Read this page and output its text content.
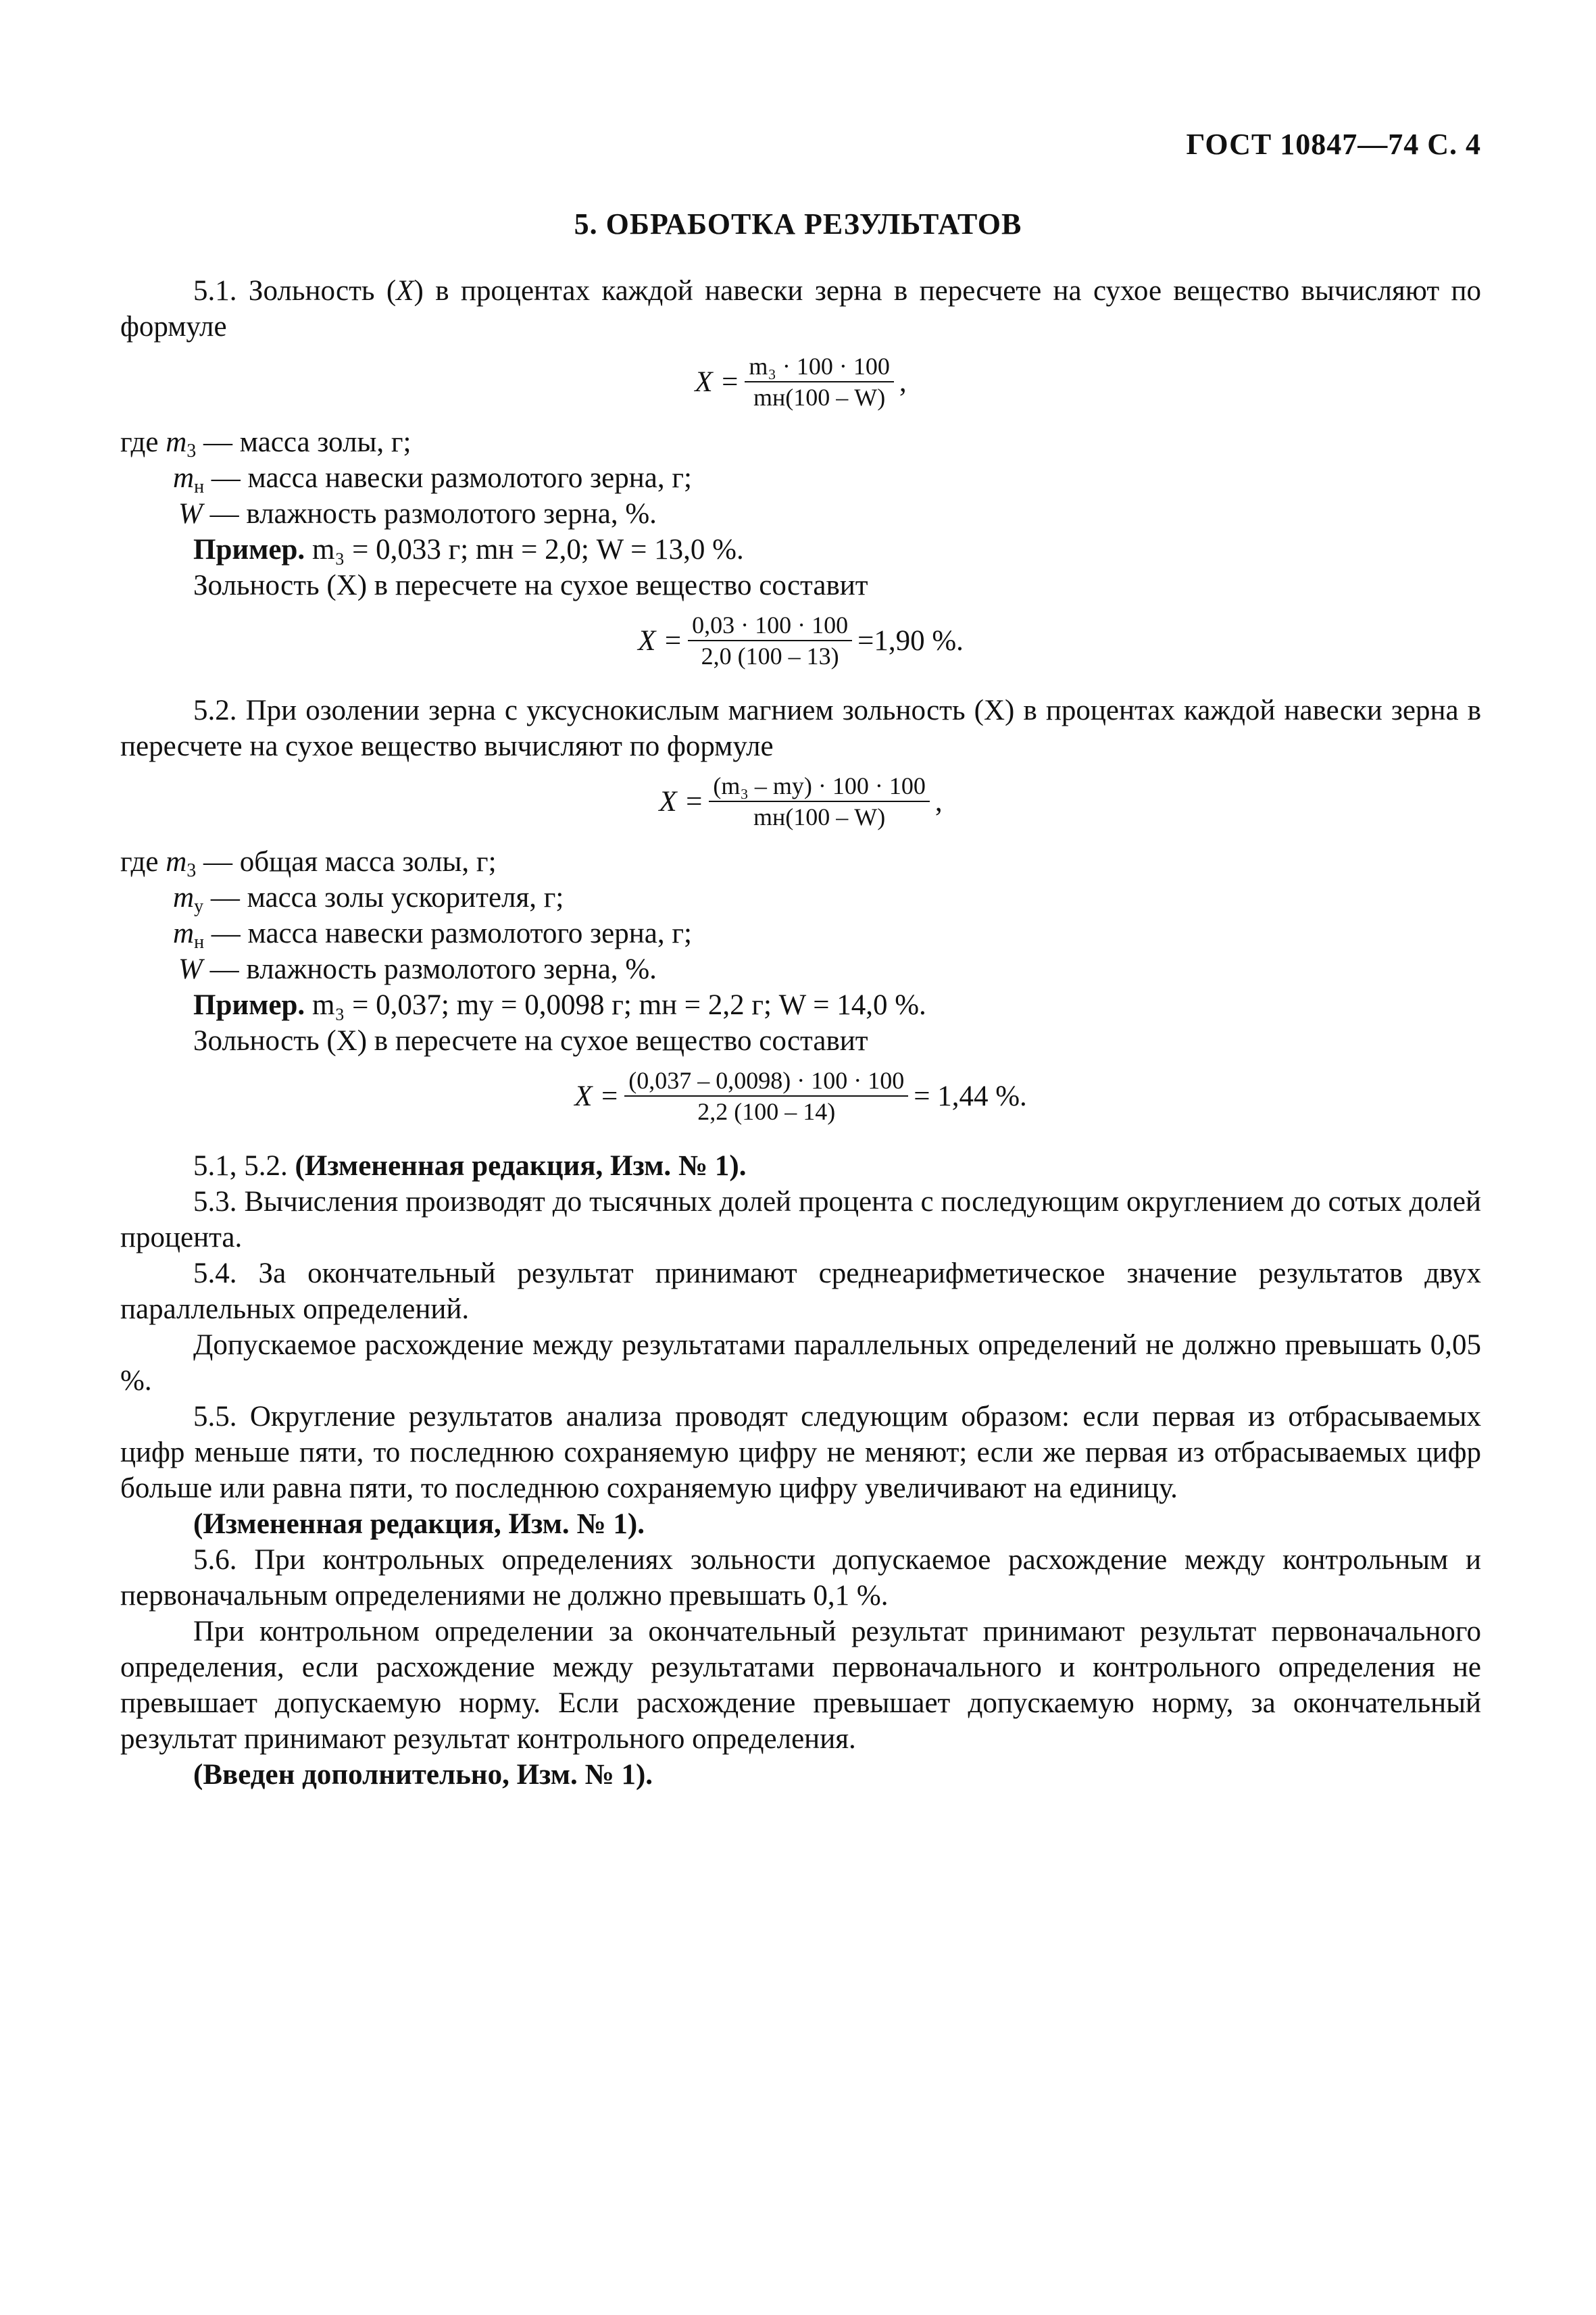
ГОСТ 10847—74 С. 4
5. ОБРАБОТКА РЕЗУЛЬТАТОВ

5.1. Зольность (X) в процентах каждой навески зерна в пересчете на сухое вещество вычисляют по формуле

$X = \frac{\text{m₃ · 100 · 100}}{mн(100 - W)}$ ,

где $m_3$ — масса золы, г;

$m_н$ — масса навески размолотого зерна, г;

W — влажность размолотого зерна, %.

Пример. m₃ = 0,033 г; mн = 2,0; W = 13,0 %.

Зольность (X) в пересчете на сухое вещество составит

$X = \frac{0,03 \cdot 100 \cdot 100}{2,0 (100 - 13)} =1,90$ %.

5.2. При озолении зерна с уксуснокислым магнием зольность (X) в процентах каждой навески зерна в пересчете на сухое вещество вычисляют по формуле

$X = \frac{\text{(m₃ – mу) · 100 · 100}}{mн(100 - W)}$ ,

где $m_3$ — общая масса золы, г;

$m_у$ — масса золы ускорителя, г;

$m_н$ — масса навески размолотого зерна, г;

W — влажность размолотого зерна, %.

Пример. m₃ = 0,037; mу = 0,0098 г; mн = 2,2 г; W = 14,0 %.

Зольность (X) в пересчете на сухое вещество составит

$X = \frac{(0,037 - 0,0098) \cdot 100 \cdot 100}{2,2 (100 - 14)} = 1,44$ %.

5.1, 5.2. (Измененная редакция, Изм. № 1).

5.3. Вычисления производят до тысячных долей процента с последующим округлением до сотых долей процента.

5.4. За окончательный результат принимают среднеарифметическое значение результатов двух параллельных определений.

Допускаемое расхождение между результатами параллельных определений не должно превышать 0,05 %.

5.5. Округление результатов анализа проводят следующим образом: если первая из отбрасываемых цифр меньше пяти, то последнюю сохраняемую цифру не меняют; если же первая из отбрасываемых цифр больше или равна пяти, то последнюю сохраняемую цифру увеличивают на единицу.

(Измененная редакция, Изм. № 1).

5.6. При контрольных определениях зольности допускаемое расхождение между контрольным и первоначальным определениями не должно превышать 0,1 %.

При контрольном определении за окончательный результат принимают результат первоначального определения, если расхождение между результатами первоначального и контрольного определения не превышает допускаемую норму. Если расхождение превышает допускаемую норму, за окончательный результат принимают результат контрольного определения.

(Введен дополнительно, Изм. № 1).
